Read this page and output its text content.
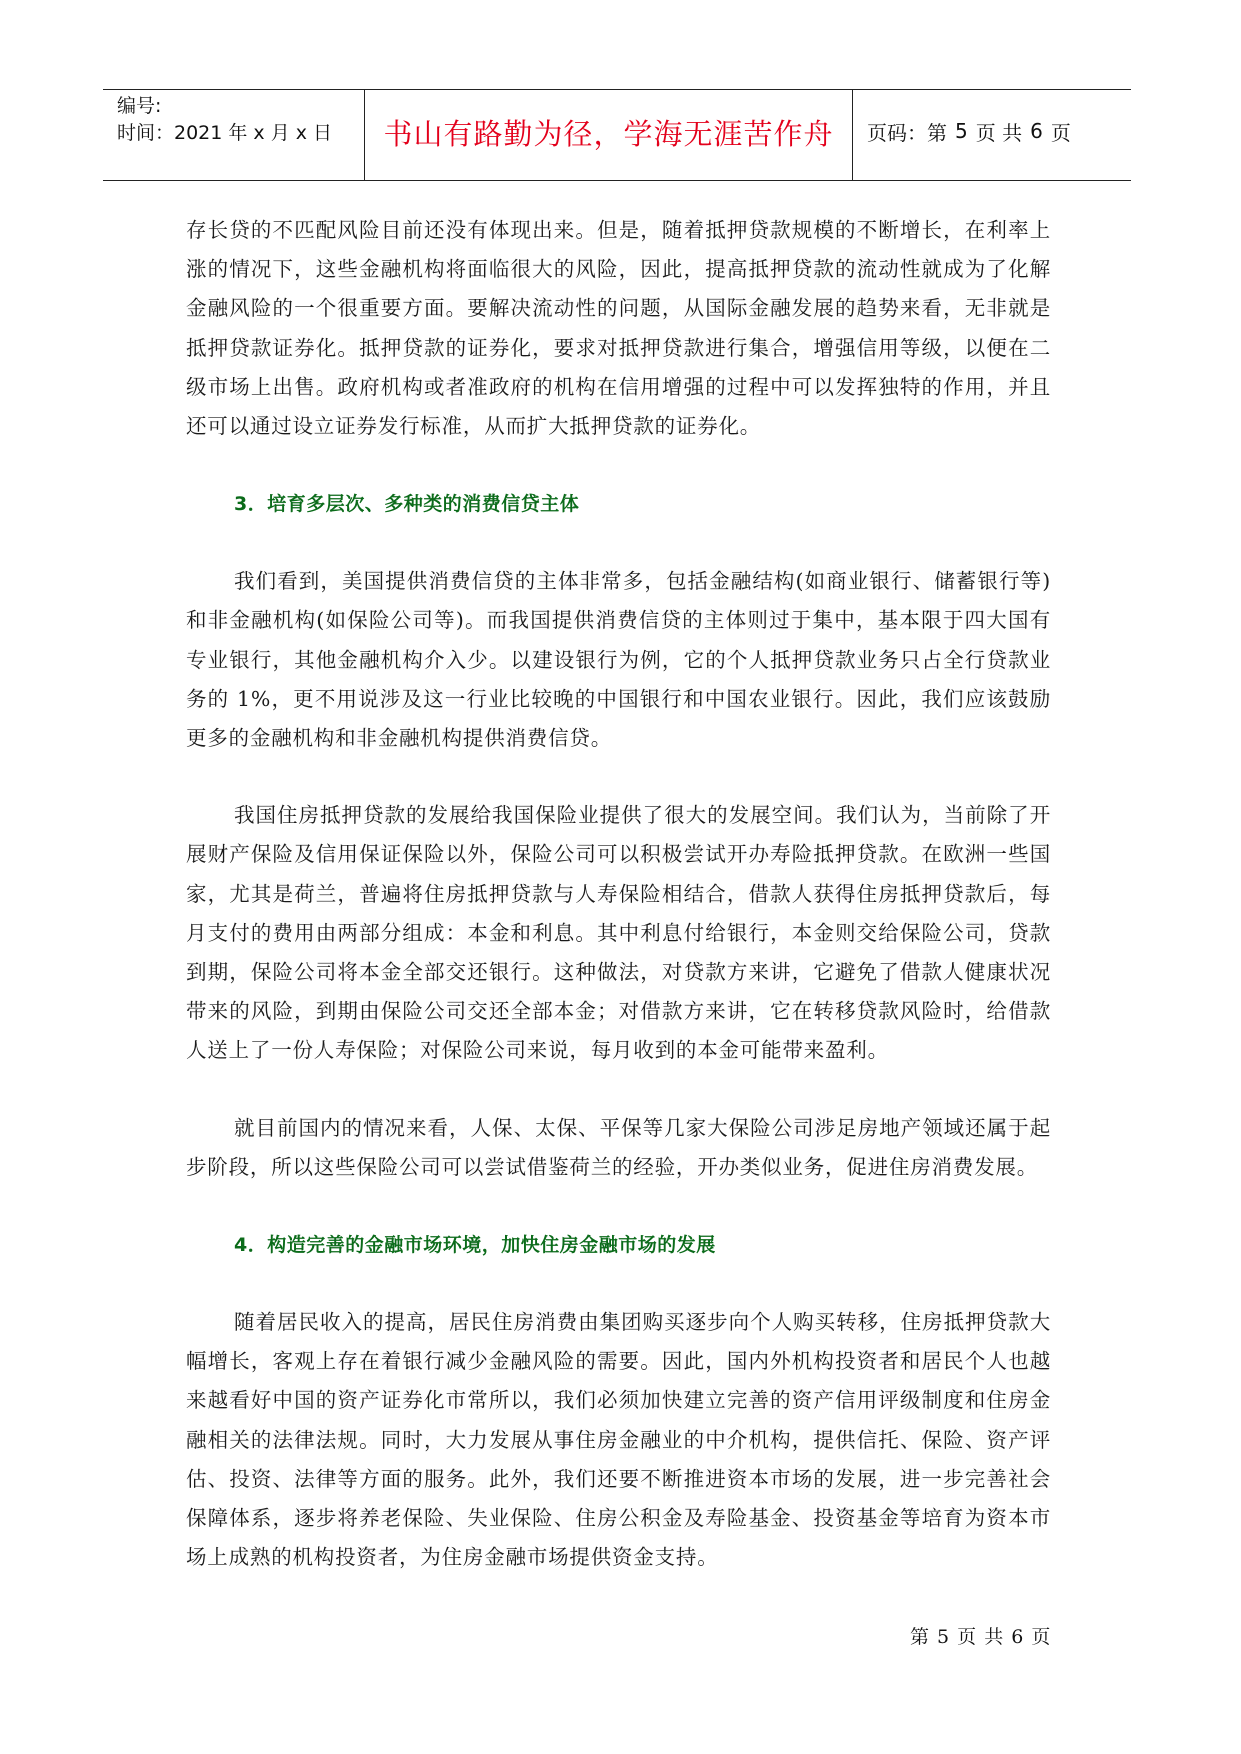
编号:
时间：2021 年 x 月 x 日	书山有路勤为径，学海无涯苦作舟 页码：第 5 页 共 6 页

存长贷的不匹配风险目前还没有体现出来。但是，随着抵押贷款规模的不断增长，在利率上涨的情况下，这些金融机构将面临很大的风险，因此，提高抵押贷款的流动性就成为了化解金融风险的一个很重要方面。要解决流动性的问题，从国际金融发展的趋势来看，无非就是抵押贷款证券化。抵押贷款的证券化，要求对抵押贷款进行集合，增强信用等级，以便在二级市场上出售。政府机构或者准政府的机构在信用增强的过程中可以发挥独特的作用，并且还可以通过设立证券发行标准，从而扩大抵押贷款的证券化。

3．培育多层次、多种类的消费信贷主体

我们看到，美国提供消费信贷的主体非常多，包括金融结构(如商业银行、储蓄银行等)和非金融机构(如保险公司等)。而我国提供消费信贷的主体则过于集中，基本限于四大国有专业银行，其他金融机构介入少。以建设银行为例，它的个人抵押贷款业务只占全行贷款业务的 1%，更不用说涉及这一行业比较晚的中国银行和中国农业银行。因此，我们应该鼓励更多的金融机构和非金融机构提供消费信贷。

我国住房抵押贷款的发展给我国保险业提供了很大的发展空间。我们认为，当前除了开展财产保险及信用保证保险以外，保险公司可以积极尝试开办寿险抵押贷款。在欧洲一些国家，尤其是荷兰，普遍将住房抵押贷款与人寿保险相结合，借款人获得住房抵押贷款后，每月支付的费用由两部分组成：本金和利息。其中利息付给银行，本金则交给保险公司，贷款到期，保险公司将本金全部交还银行。这种做法，对贷款方来讲，它避免了借款人健康状况带来的风险，到期由保险公司交还全部本金；对借款方来讲，它在转移贷款风险时，给借款人送上了一份人寿保险；对保险公司来说，每月收到的本金可能带来盈利。

就目前国内的情况来看，人保、太保、平保等几家大保险公司涉足房地产领域还属于起步阶段，所以这些保险公司可以尝试借鉴荷兰的经验，开办类似业务，促进住房消费发展。

4．构造完善的金融市场环境，加快住房金融市场的发展

随着居民收入的提高，居民住房消费由集团购买逐步向个人购买转移，住房抵押贷款大幅增长，客观上存在着银行减少金融风险的需要。因此，国内外机构投资者和居民个人也越来越看好中国的资产证券化市常所以，我们必须加快建立完善的资产信用评级制度和住房金融相关的法律法规。同时，大力发展从事住房金融业的中介机构，提供信托、保险、资产评估、投资、法律等方面的服务。此外，我们还要不断推进资本市场的发展，进一步完善社会保障体系，逐步将养老保险、失业保险、住房公积金及寿险基金、投资基金等培育为资本市场上成熟的机构投资者，为住房金融市场提供资金支持。

第 5 页 共 6 页
